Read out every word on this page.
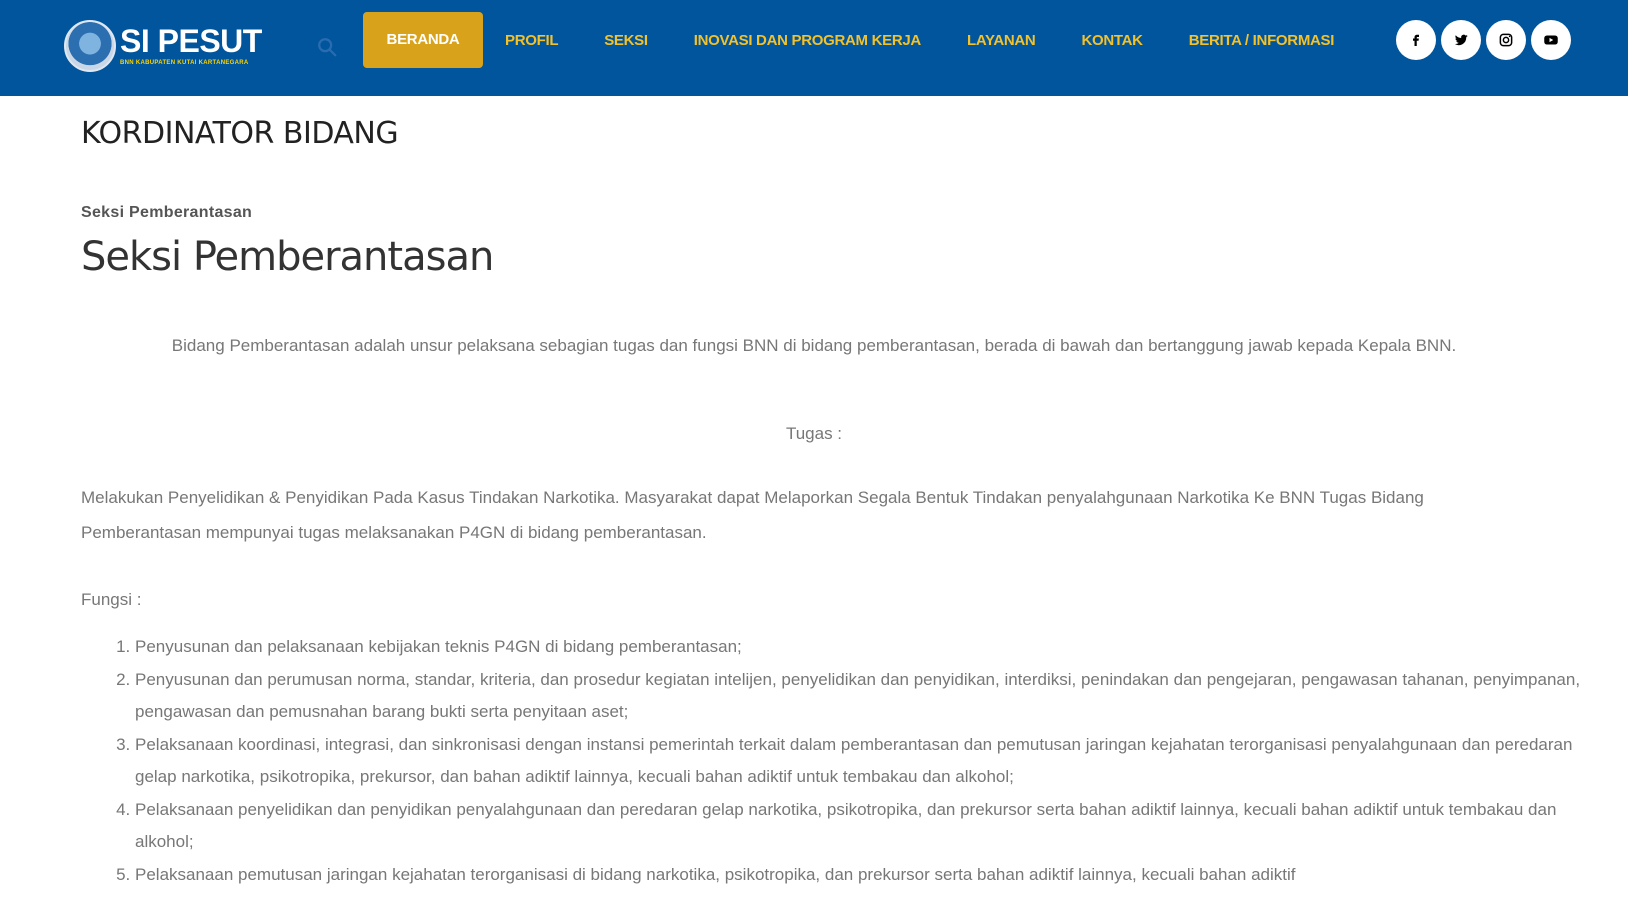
SI PESUT
BNN KABUPATEN KUTAI KARTANEGARA
BERANDA	PROFIL	SEKSI	INOVASI DAN PROGRAM KERJA	LAYANAN	KONTAK	BERITA / INFORMASI
KORDINATOR BIDANG
Seksi Pemberantasan
Seksi Pemberantasan

Bidang Pemberantasan adalah unsur pelaksana sebagian tugas dan fungsi BNN di bidang pemberantasan, berada di bawah dan bertanggung jawab kepada Kepala BNN.

Tugas :

Melakukan Penyelidikan & Penyidikan Pada Kasus Tindakan Narkotika. Masyarakat dapat Melaporkan Segala Bentuk Tindakan penyalahgunaan Narkotika Ke BNN Tugas Bidang Pemberantasan mempunyai tugas melaksanakan P4GN di bidang pemberantasan.

Fungsi :

1. Penyusunan dan pelaksanaan kebijakan teknis P4GN di bidang pemberantasan;
2. Penyusunan dan perumusan norma, standar, kriteria, dan prosedur kegiatan intelijen, penyelidikan dan penyidikan, interdiksi, penindakan dan pengejaran, pengawasan tahanan, penyimpanan, pengawasan dan pemusnahan barang bukti serta penyitaan aset;
3. Pelaksanaan koordinasi, integrasi, dan sinkronisasi dengan instansi pemerintah terkait dalam pemberantasan dan pemutusan jaringan kejahatan terorganisasi penyalahgunaan dan peredaran gelap narkotika, psikotropika, prekursor, dan bahan adiktif lainnya, kecuali bahan adiktif untuk tembakau dan alkohol;
4. Pelaksanaan penyelidikan dan penyidikan penyalahgunaan dan peredaran gelap narkotika, psikotropika, dan prekursor serta bahan adiktif lainnya, kecuali bahan adiktif untuk tembakau dan alkohol;
5. Pelaksanaan pemutusan jaringan kejahatan terorganisasi di bidang narkotika, psikotropika, dan prekursor serta bahan adiktif lainnya, kecuali bahan adiktif
